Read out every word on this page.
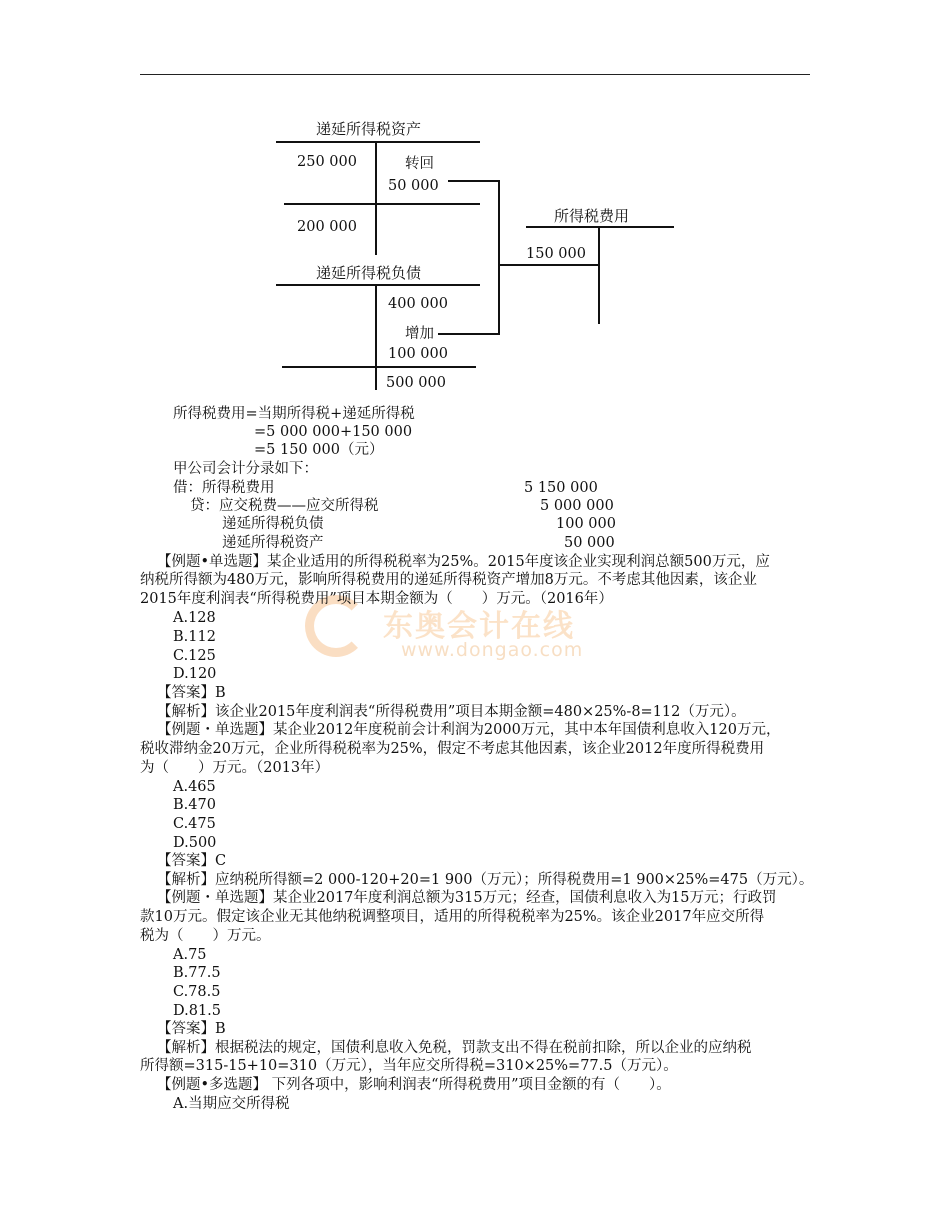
递延所得税资产
250 000	转回
50 000
200 000
递延所得税负债
400 000
增加
100 000
500 000
所得税费用
150 000
所得税费用=当期所得税+递延所得税
=5 000 000+150 000
=5 150 000（元）
甲公司会计分录如下：
借：所得税费用	5 150 000
贷：应交税费——应交所得税	5 000 000
递延所得税负债	100 000
递延所得税资产	50 000
东奥会计在线
www.dongao.com
【例题•单选题】某企业适用的所得税税率为25%。2015年度该企业实现利润总额500万元，应
纳税所得额为480万元，影响所得税费用的递延所得税资产增加8万元。不考虑其他因素，该企业
2015年度利润表“所得税费用”项目本期金额为（　　）万元。（2016年）
A.128
B.112
C.125
D.120
【答案】B
【解析】该企业2015年度利润表“所得税费用”项目本期金额=480×25%-8=112（万元）。
【例题・单选题】某企业2012年度税前会计利润为2000万元，其中本年国债利息收入120万元，
税收滞纳金20万元，企业所得税税率为25%，假定不考虑其他因素，该企业2012年度所得税费用
为（　　）万元。（2013年）
A.465
B.470
C.475
D.500
【答案】C
【解析】应纳税所得额=2 000-120+20=1 900（万元）；所得税费用=1 900×25%=475（万元）。
【例题・单选题】某企业2017年度利润总额为315万元；经查，国债利息收入为15万元；行政罚
款10万元。假定该企业无其他纳税调整项目，适用的所得税税率为25%。该企业2017年应交所得
税为（　　）万元。
A.75
B.77.5
C.78.5
D.81.5
【答案】B
【解析】根据税法的规定，国债利息收入免税，罚款支出不得在税前扣除，所以企业的应纳税
所得额=315-15+10=310（万元），当年应交所得税=310×25%=77.5（万元）。
【例题•多选题】 下列各项中，影响利润表“所得税费用”项目金额的有（　　）。
A.当期应交所得税
